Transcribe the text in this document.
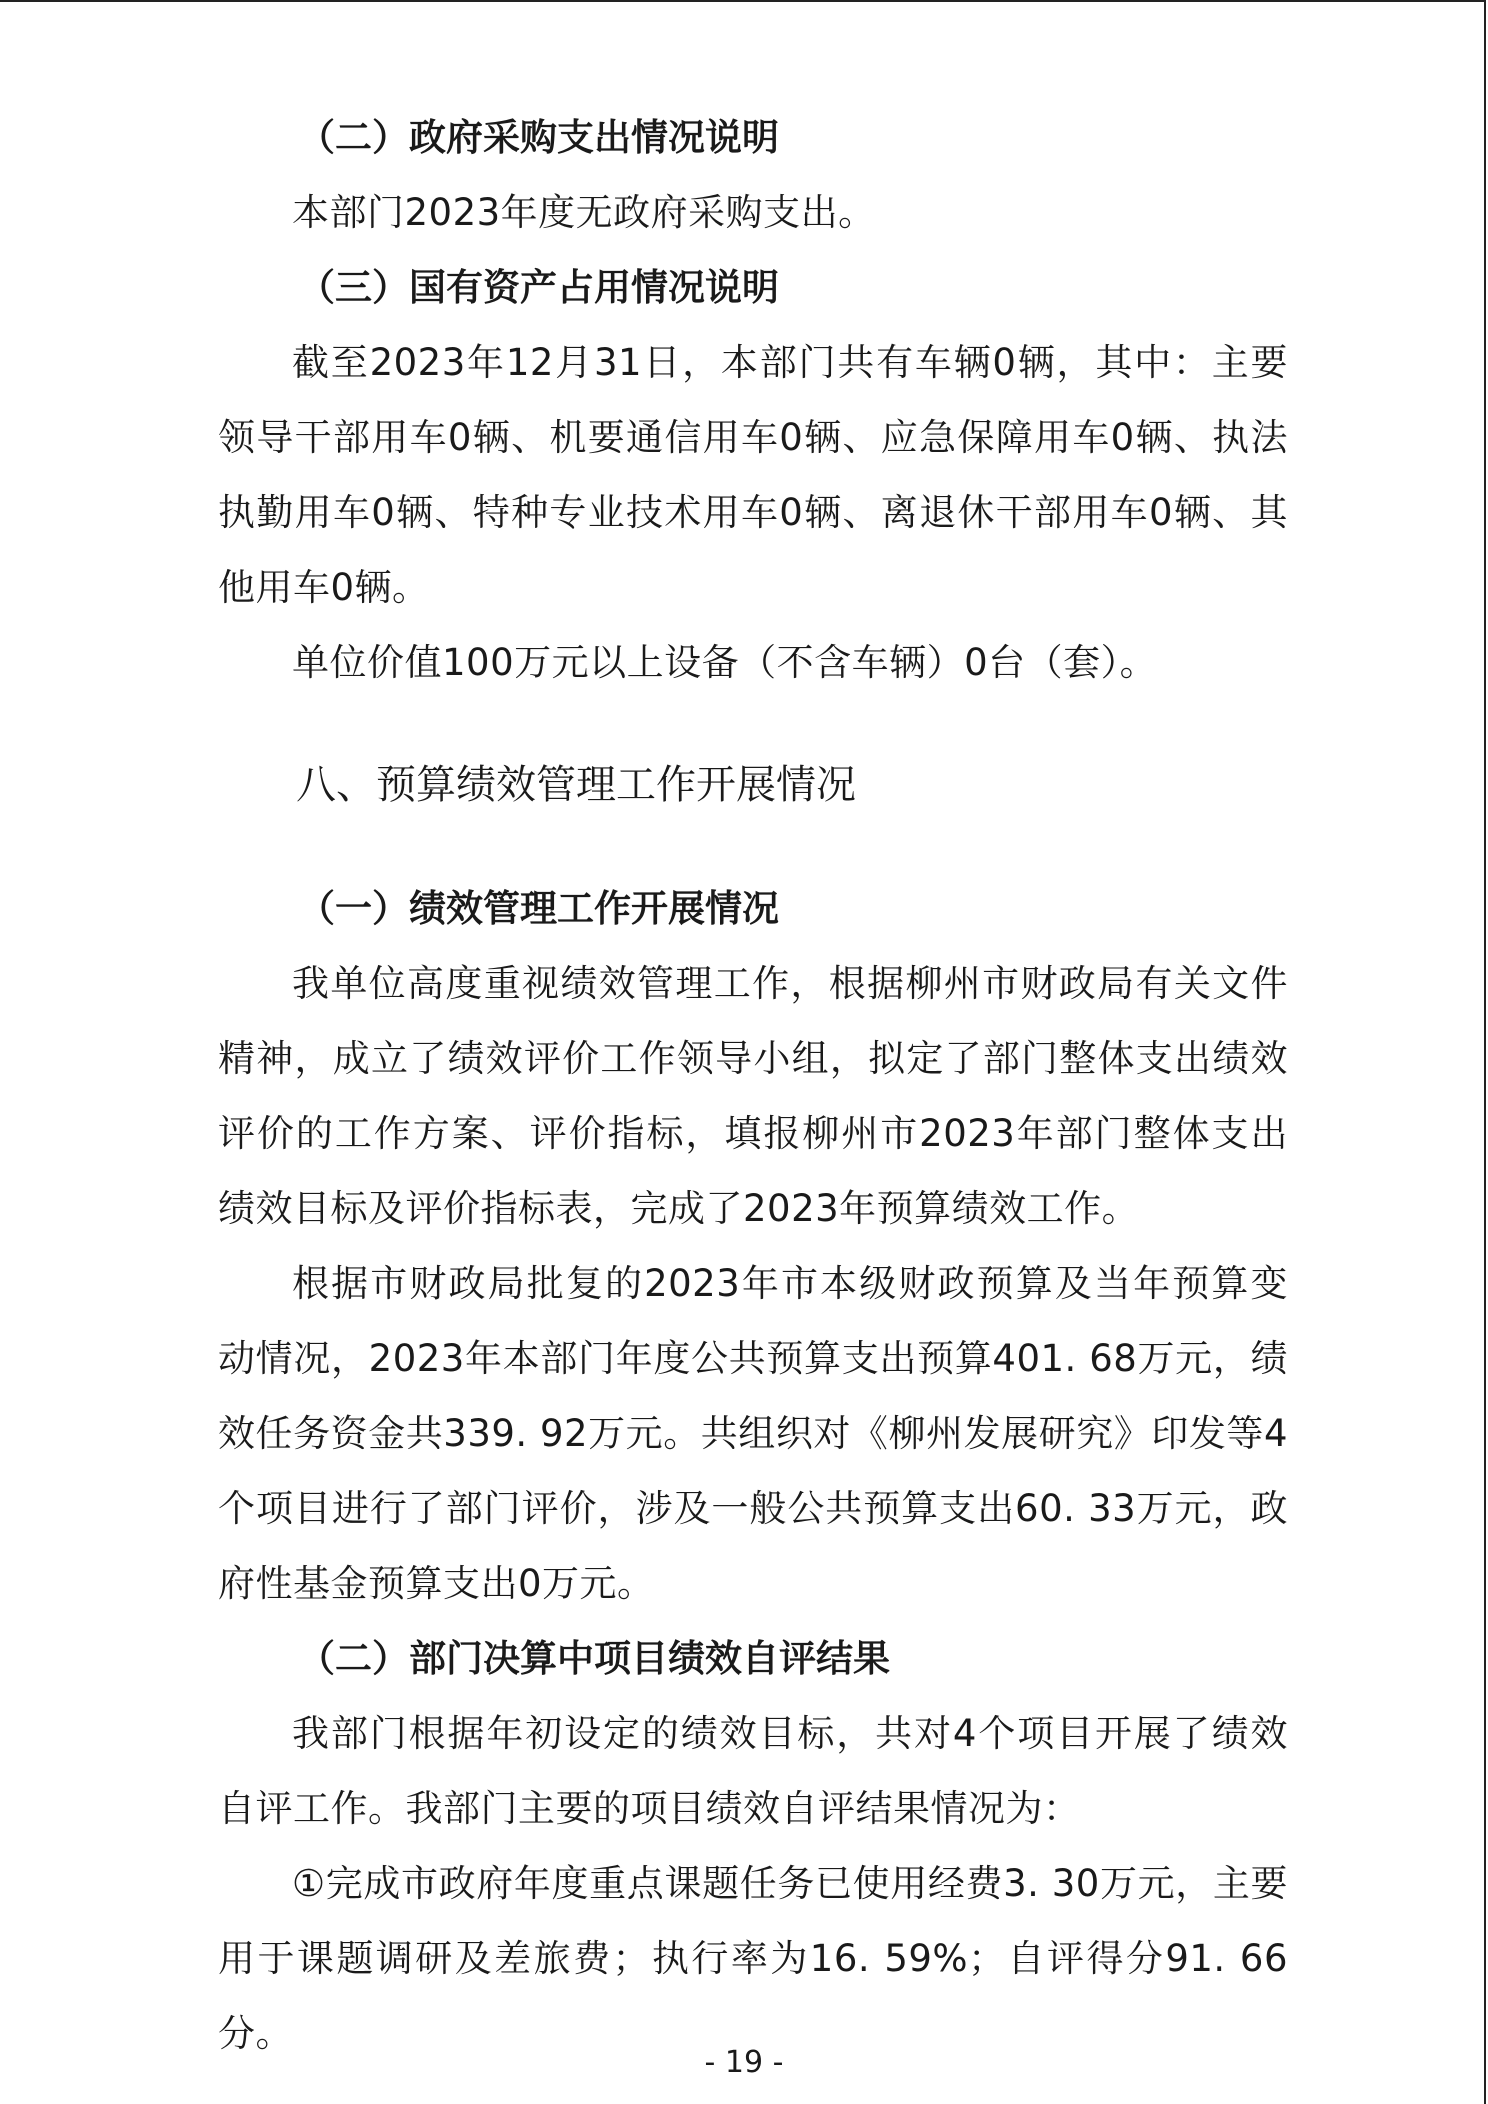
（二）政府采购支出情况说明

本部门2023年度无政府采购支出。

（三）国有资产占用情况说明

截至2023年12月31日，本部门共有车辆0辆，其中：主要领导干部用车0辆、机要通信用车0辆、应急保障用车0辆、执法执勤用车0辆、特种专业技术用车0辆、离退休干部用车0辆、其他用车0辆。

单位价值100万元以上设备（不含车辆）0台（套）。

八、预算绩效管理工作开展情况

（一）绩效管理工作开展情况

我单位高度重视绩效管理工作，根据柳州市财政局有关文件精神，成立了绩效评价工作领导小组，拟定了部门整体支出绩效评价的工作方案、评价指标，填报柳州市2023年部门整体支出绩效目标及评价指标表，完成了2023年预算绩效工作。

根据市财政局批复的2023年市本级财政预算及当年预算变动情况，2023年本部门年度公共预算支出预算401. 68万元，绩效任务资金共339. 92万元。共组织对《柳州发展研究》印发等4个项目进行了部门评价，涉及一般公共预算支出60. 33万元，政府性基金预算支出0万元。

（二）部门决算中项目绩效自评结果

我部门根据年初设定的绩效目标，共对4个项目开展了绩效自评工作。我部门主要的项目绩效自评结果情况为：

①完成市政府年度重点课题任务已使用经费3. 30万元，主要用于课题调研及差旅费；执行率为16. 59%；自评得分91. 66分。

- 19 -
